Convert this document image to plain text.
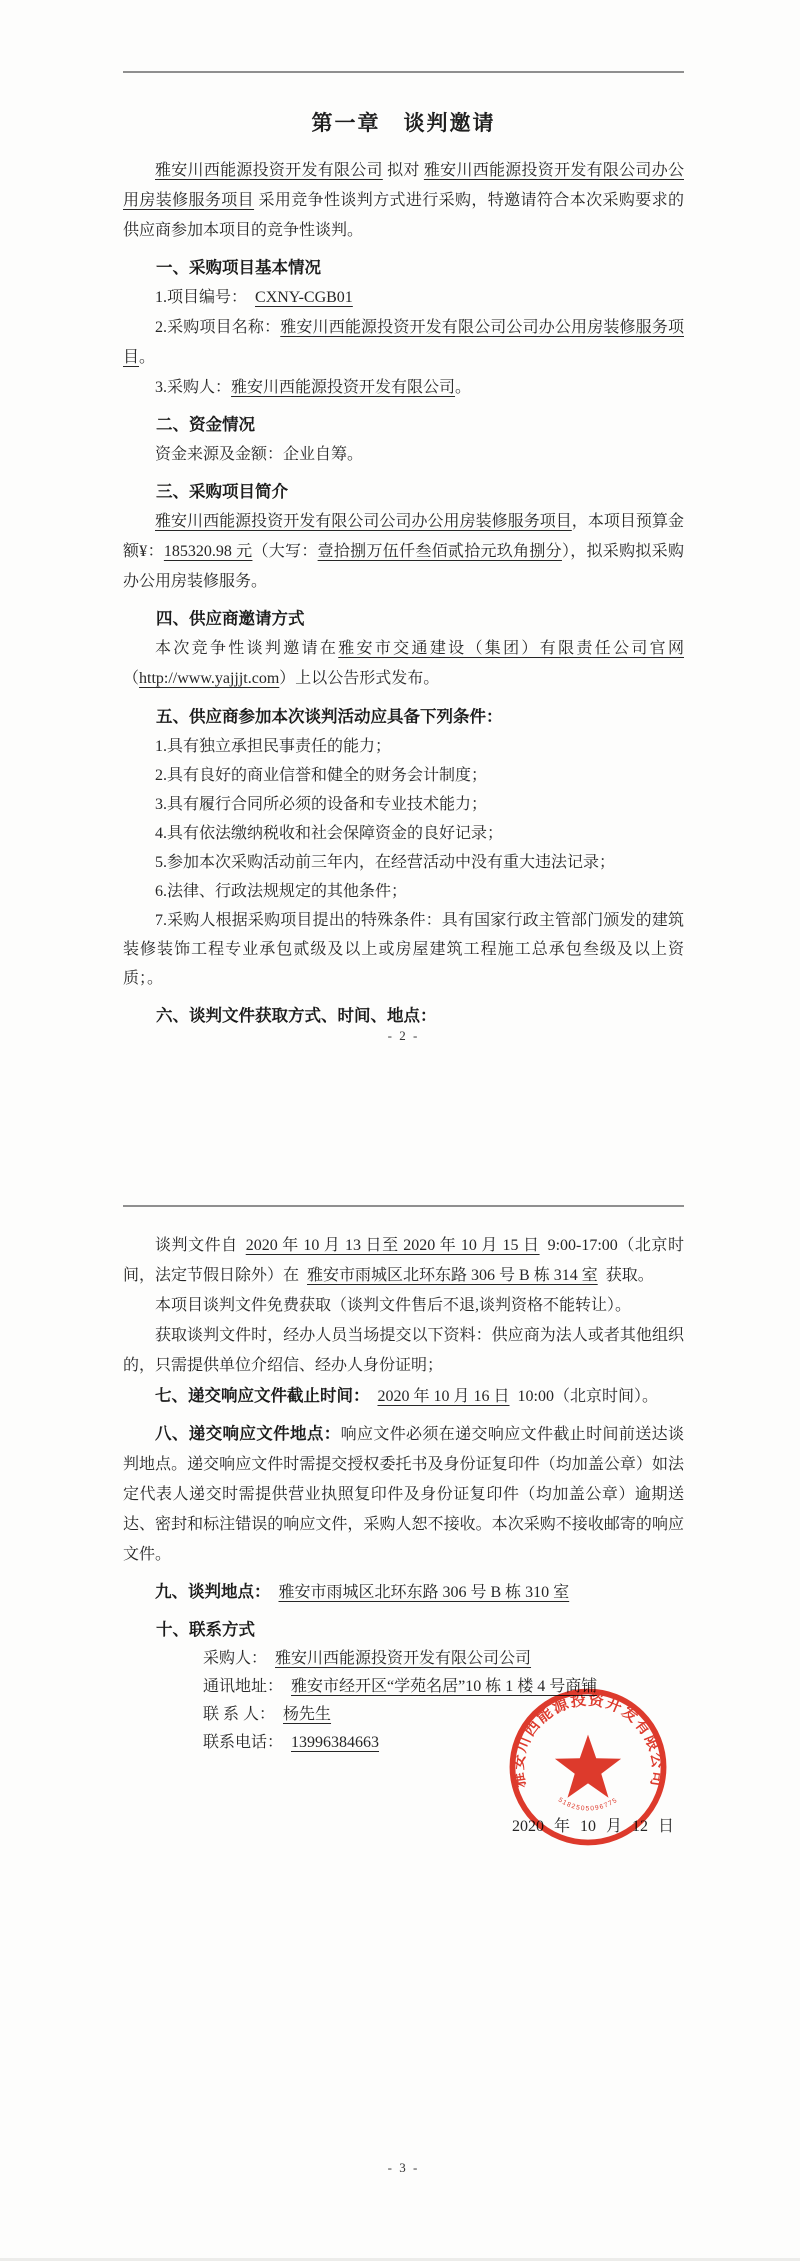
第一章　谈判邀请

雅安川西能源投资开发有限公司 拟对 雅安川西能源投资开发有限公司办公用房装修服务项目 采用竞争性谈判方式进行采购，特邀请符合本次采购要求的供应商参加本项目的竞争性谈判。

一、采购项目基本情况

1.项目编号： CXNY-CGB01

2.采购项目名称：雅安川西能源投资开发有限公司公司办公用房装修服务项目。

3.采购人：雅安川西能源投资开发有限公司。

二、资金情况

资金来源及金额：企业自筹。

三、采购项目简介

雅安川西能源投资开发有限公司公司办公用房装修服务项目，本项目预算金额¥：185320.98 元（大写：壹拾捌万伍仟叁佰贰拾元玖角捌分），拟采购拟采购办公用房装修服务。

四、供应商邀请方式

本次竞争性谈判邀请在雅安市交通建设（集团）有限责任公司官网（http://www.yajjjt.com）上以公告形式发布。

五、供应商参加本次谈判活动应具备下列条件：

1.具有独立承担民事责任的能力；

2.具有良好的商业信誉和健全的财务会计制度；

3.具有履行合同所必须的设备和专业技术能力；

4.具有依法缴纳税收和社会保障资金的良好记录；

5.参加本次采购活动前三年内，在经营活动中没有重大违法记录；

6.法律、行政法规规定的其他条件；

7.采购人根据采购项目提出的特殊条件：具有国家行政主管部门颁发的建筑装修装饰工程专业承包贰级及以上或房屋建筑工程施工总承包叁级及以上资质；。

六、谈判文件获取方式、时间、地点：

- 2 -

谈判文件自 2020 年 10 月 13 日至 2020 年 10 月 15 日 9:00-17:00（北京时间，法定节假日除外）在 雅安市雨城区北环东路 306 号 B 栋 314 室 获取。

本项目谈判文件免费获取（谈判文件售后不退,谈判资格不能转让）。

获取谈判文件时，经办人员当场提交以下资料：供应商为法人或者其他组织的，只需提供单位介绍信、经办人身份证明；

七、递交响应文件截止时间： 2020 年 10 月 16 日 10:00（北京时间）。

八、递交响应文件地点：响应文件必须在递交响应文件截止时间前送达谈判地点。递交响应文件时需提交授权委托书及身份证复印件（均加盖公章）如法定代表人递交时需提供营业执照复印件及身份证复印件（均加盖公章）逾期送达、密封和标注错误的响应文件，采购人恕不接收。本次采购不接收邮寄的响应文件。

九、谈判地点： 雅安市雨城区北环东路 306 号 B 栋 310 室

十、联系方式

采购人： 雅安川西能源投资开发有限公司公司

通讯地址： 雅安市经开区“学苑名居”10 栋 1 楼 4 号商铺

联 系 人： 杨先生

联系电话： 13996384663

2020 年 10 月 12 日
雅安川西能源投资开发有限公司
5182505096775
- 3 -
